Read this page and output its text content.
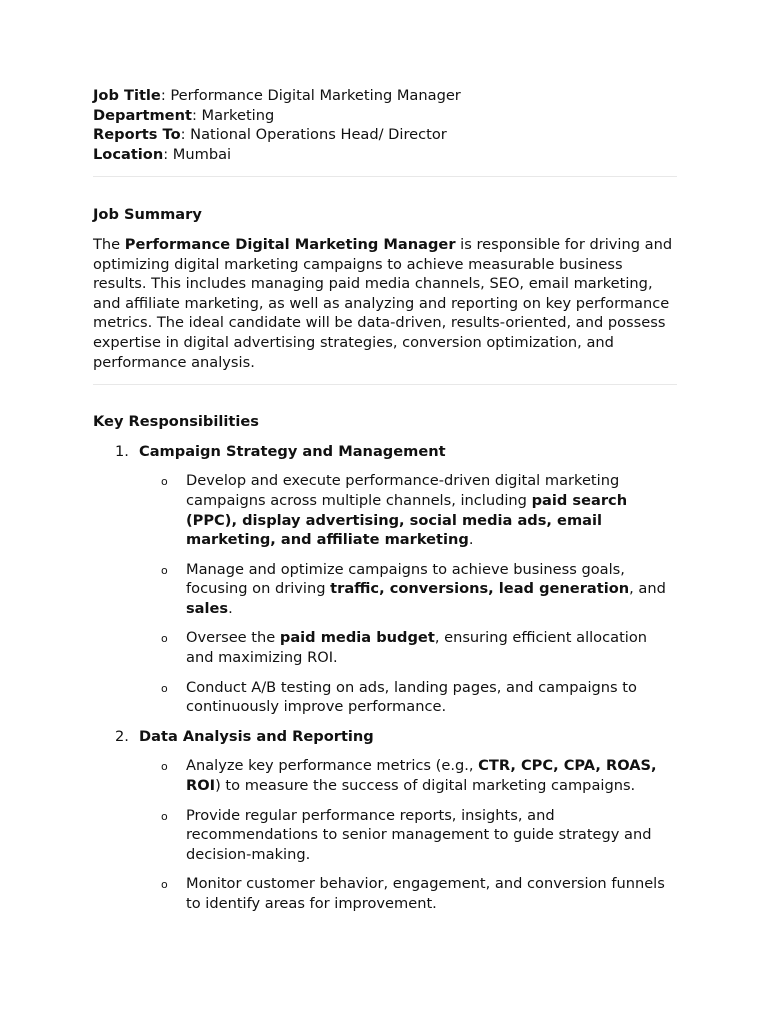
Job Title: Performance Digital Marketing Manager

Department: Marketing

Reports To: National Operations Head/ Director

Location: Mumbai

Job Summary

The Performance Digital Marketing Manager is responsible for driving and optimizing digital marketing campaigns to achieve measurable business results. This includes managing paid media channels, SEO, email marketing, and affiliate marketing, as well as analyzing and reporting on key performance metrics. The ideal candidate will be data-driven, results-oriented, and possess expertise in digital advertising strategies, conversion optimization, and performance analysis.

Key Responsibilities

1. Campaign Strategy and Management

o Develop and execute performance-driven digital marketing campaigns across multiple channels, including paid search (PPC), display advertising, social media ads, email marketing, and affiliate marketing.
o Manage and optimize campaigns to achieve business goals, focusing on driving traffic, conversions, lead generation, and sales.
o Oversee the paid media budget, ensuring efficient allocation and maximizing ROI.
o Conduct A/B testing on ads, landing pages, and campaigns to continuously improve performance.

2. Data Analysis and Reporting

o Analyze key performance metrics (e.g., CTR, CPC, CPA, ROAS, ROI) to measure the success of digital marketing campaigns.
o Provide regular performance reports, insights, and recommendations to senior management to guide strategy and decision-making.
o Monitor customer behavior, engagement, and conversion funnels to identify areas for improvement.
